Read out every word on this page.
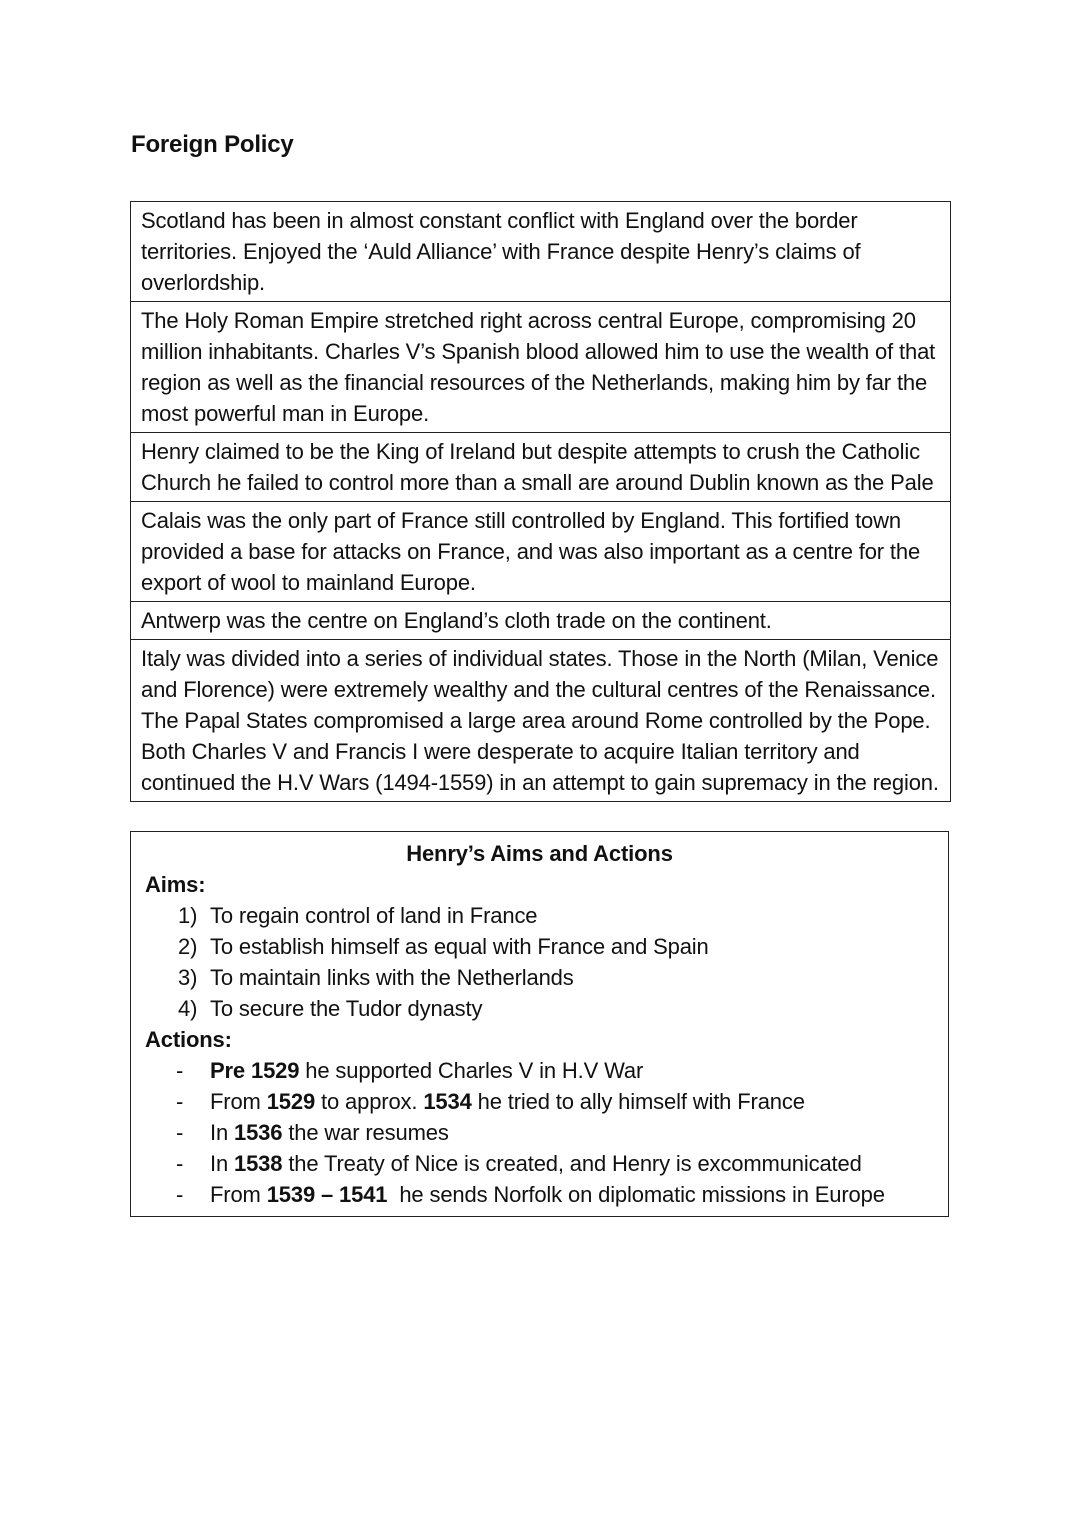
Foreign Policy
Scotland has been in almost constant conflict with England over the border territories. Enjoyed the ‘Auld Alliance’ with France despite Henry’s claims of overlordship.
The Holy Roman Empire stretched right across central Europe, compromising 20 million inhabitants. Charles V’s Spanish blood allowed him to use the wealth of that region as well as the financial resources of the Netherlands, making him by far the most powerful man in Europe.
Henry claimed to be the King of Ireland but despite attempts to crush the Catholic Church he failed to control more than a small are around Dublin known as the Pale
Calais was the only part of France still controlled by England. This fortified town provided a base for attacks on France, and was also important as a centre for the export of wool to mainland Europe.
Antwerp was the centre on England’s cloth trade on the continent.
Italy was divided into a series of individual states. Those in the North (Milan, Venice and Florence) were extremely wealthy and the cultural centres of the Renaissance. The Papal States compromised a large area around Rome controlled by the Pope. Both Charles V and Francis I were desperate to acquire Italian territory and continued the H.V Wars (1494-1559) in an attempt to gain supremacy in the region.
Henry’s Aims and Actions
Aims:
1) To regain control of land in France
2) To establish himself as equal with France and Spain
3) To maintain links with the Netherlands
4) To secure the Tudor dynasty
Actions:
-	Pre 1529 he supported Charles V in H.V War
-	From 1529 to approx. 1534 he tried to ally himself with France
-	In 1536 the war resumes
-	In 1538 the Treaty of Nice is created, and Henry is excommunicated
-	From 1539 – 1541  he sends Norfolk on diplomatic missions in Europe
